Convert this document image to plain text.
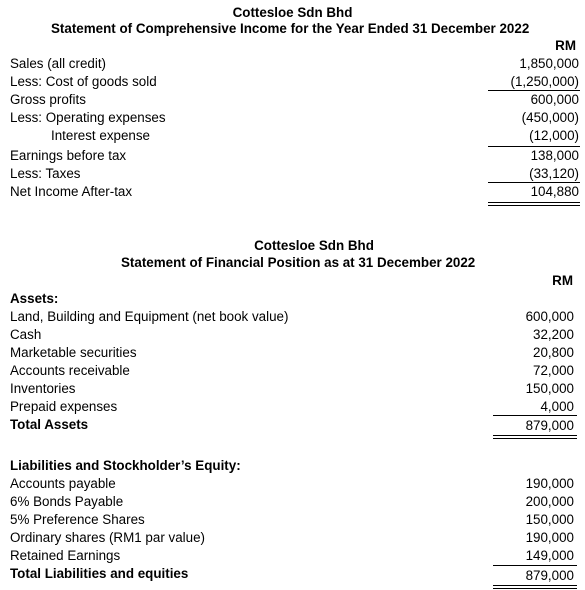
Cottesloe Sdn Bhd
Statement of Comprehensive Income for the Year Ended 31 December 2022
RM
Sales (all credit)	1,850,000
Less: Cost of goods sold	(1,250,000)
Gross profits	600,000
Less: Operating expenses	(450,000)
Interest expense	(12,000)
Earnings before tax	138,000
Less: Taxes	(33,120)
Net Income After-tax	104,880
Cottesloe Sdn Bhd
Statement of Financial Position as at 31 December 2022
RM
Assets:
Land, Building and Equipment (net book value)	600,000
Cash	32,200
Marketable securities	20,800
Accounts receivable	72,000
Inventories	150,000
Prepaid expenses	4,000
Total Assets	879,000
Liabilities and Stockholder’s Equity:
Accounts payable	190,000
6% Bonds Payable	200,000
5% Preference Shares	150,000
Ordinary shares (RM1 par value)	190,000
Retained Earnings	149,000
Total Liabilities and equities	879,000
